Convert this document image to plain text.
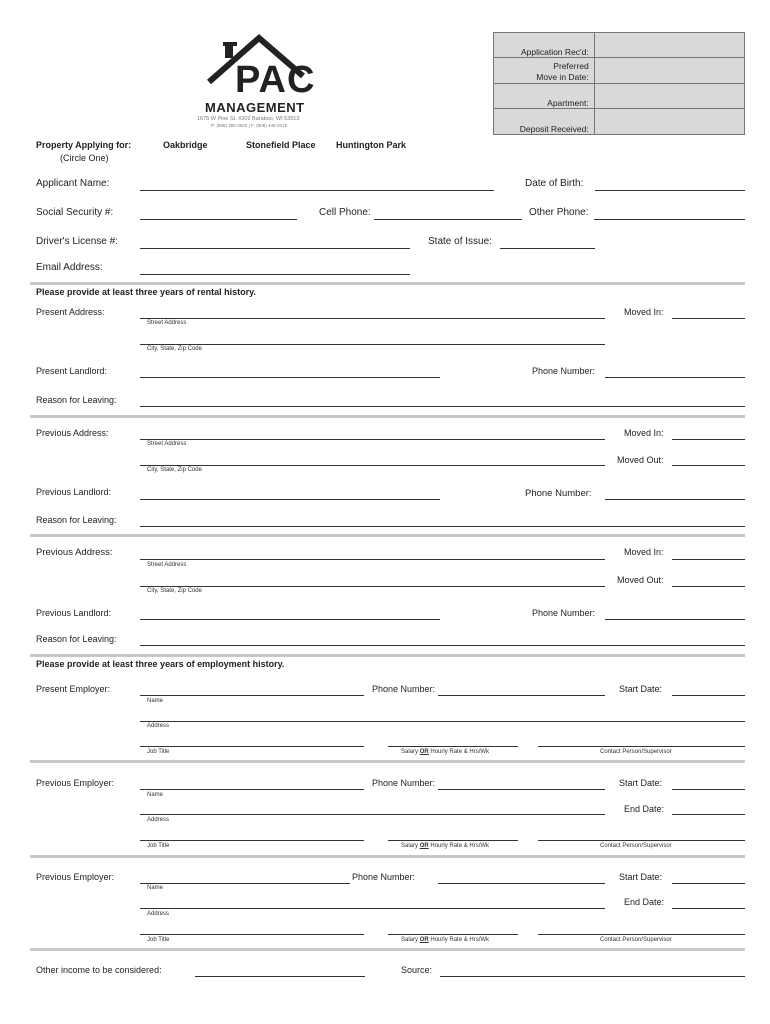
Application Rec'd:	
Preferred
Move in Date:	
Apartment:	
Deposit Received:	
PAC
MANAGEMENT
1675 W Pine St. #202 Baraboo, WI 53913
P: (608) 355-3542 | F: (608) 448-2019
Property Applying for:
(Circle One)
Oakbridge	Stonefield Place Huntington Park
Applicant Name:	Date of Birth:
Social Security #:	Cell Phone:	Other Phone:
Driver's License #:	State of Issue:
Email Address:
Please provide at least three years of rental history.
Present Address:
Street Address
Moved In:
City, State, Zip Code
Present Landlord:	Phone Number:
Reason for Leaving:
Previous Address:
Street Address
Moved In:
City, State, Zip Code
Moved Out:
Previous Landlord:	Phone Number:
Reason for Leaving:
Previous Address:
Street Address
Moved In:
City, State, Zip Code
Moved Out:
Previous Landlord:	Phone Number:
Reason for Leaving:
Please provide at least three years of employment history.
Present Employer:
Name
Phone Number:	Start Date:
Address
Job Title	Salary OR Hourly Rate & Hrs/Wk	Contact Person/Supervisor
Previous Employer:
Name
Phone Number:	Start Date:
Address
End Date:
Job Title	Salary OR Hourly Rate & Hrs/Wk	Contact Person/Supervisor
Previous Employer:
Name
Phone Number:	Start Date:
Address
End Date:
Job Title	Salary OR Hourly Rate & Hrs/Wk	Contact Person/Supervisor
Other income to be considered:	Source:
